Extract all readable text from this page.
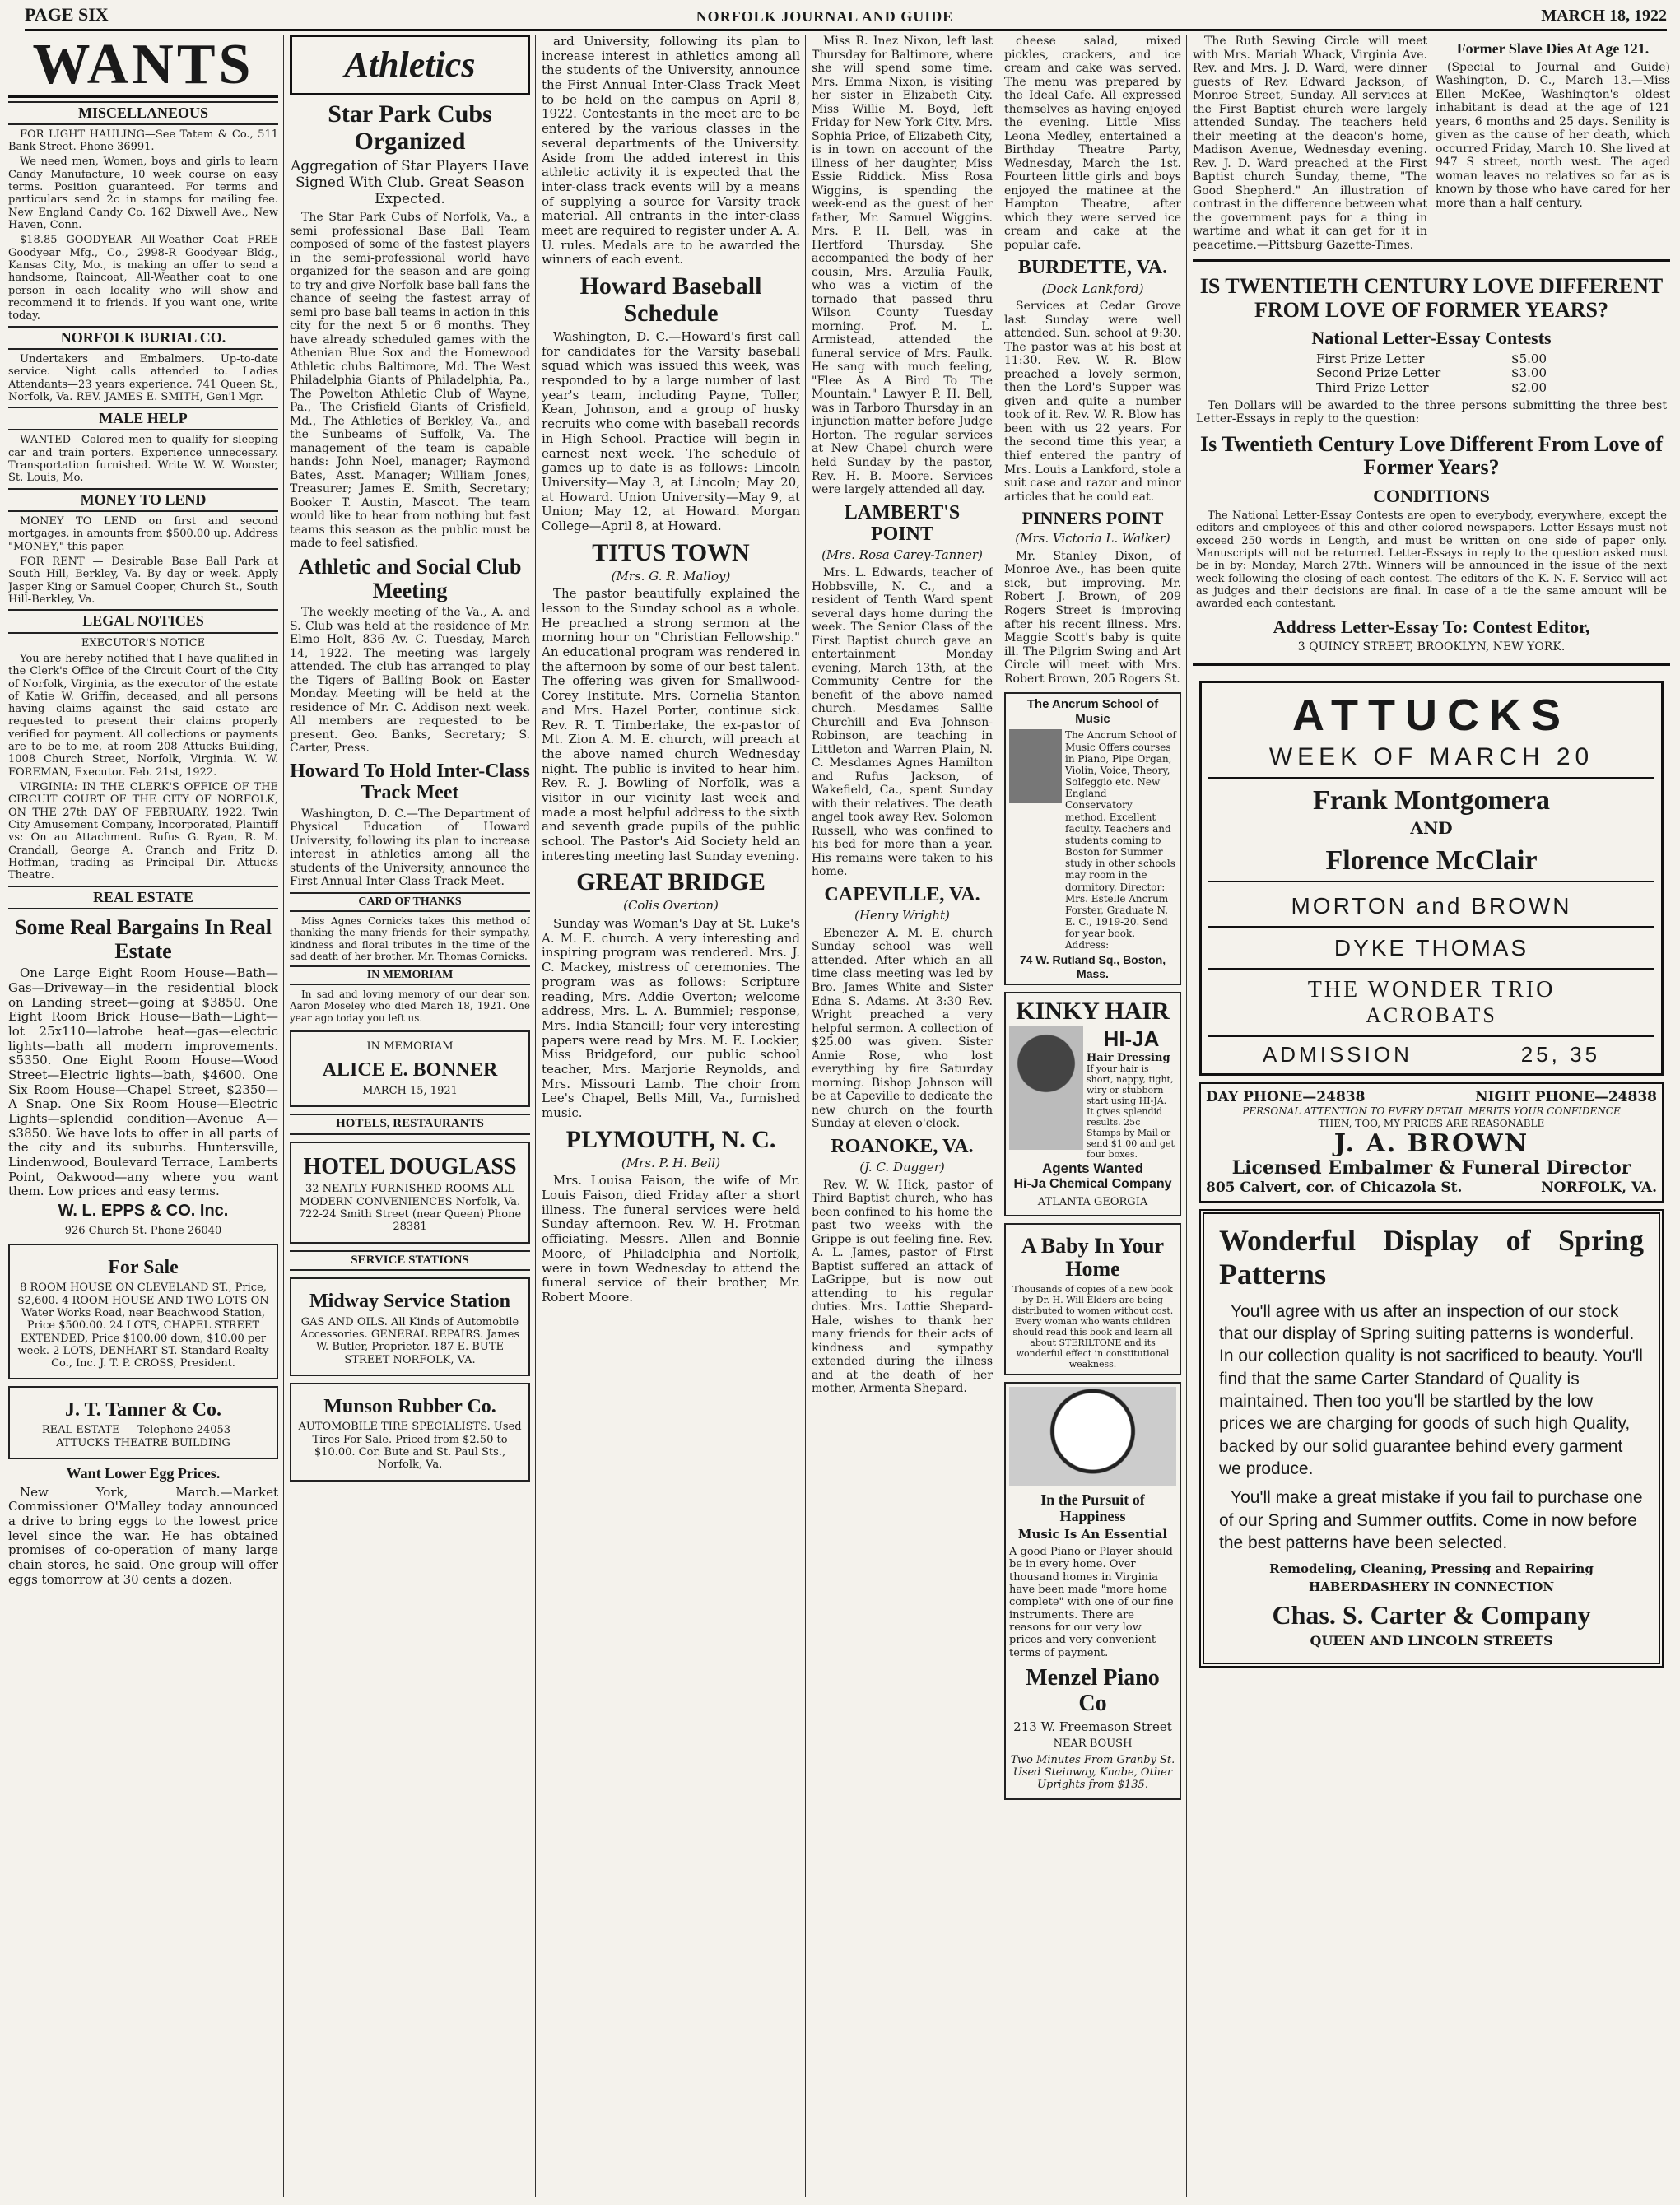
PAGE SIX	NORFOLK JOURNAL AND GUIDE	MARCH 18, 1922
WANTS
MISCELLANEOUS

FOR LIGHT HAULING—See Tatem & Co., 511 Bank Street. Phone 36991.

We need men, Women, boys and girls to learn Candy Manufacture, 10 week course on easy terms. Position guaranteed. For terms and particulars send 2c in stamps for mailing fee. New England Candy Co. 162 Dixwell Ave., New Haven, Conn.

$18.85 GOODYEAR All-Weather Coat FREE Goodyear Mfg., Co., 2998-R Goodyear Bldg., Kansas City, Mo., is making an offer to send a handsome, Raincoat, All-Weather coat to one person in each locality who will show and recommend it to friends. If you want one, write today.

NORFOLK BURIAL CO.

Undertakers and Embalmers. Up-to-date service. Night calls attended to. Ladies Attendants—23 years experience. 741 Queen St., Norfolk, Va. REV. JAMES E. SMITH, Gen'l Mgr.

MALE HELP

WANTED—Colored men to qualify for sleeping car and train porters. Experience unnecessary. Transportation furnished. Write W. W. Wooster, St. Louis, Mo.

MONEY TO LEND

MONEY TO LEND on first and second mortgages, in amounts from $500.00 up. Address "MONEY," this paper.

FOR RENT — Desirable Base Ball Park at South Hill, Berkley, Va. By day or week. Apply Jasper King or Samuel Cooper, Church St., South Hill-Berkley, Va.

LEGAL NOTICES
EXECUTOR'S NOTICE

You are hereby notified that I have qualified in the Clerk's Office of the Circuit Court of the City of Norfolk, Virginia, as the executor of the estate of Katie W. Griffin, deceased, and all persons having claims against the said estate are requested to present their claims properly verified for payment. All collections or payments are to be to me, at room 208 Attucks Building, 1008 Church Street, Norfolk, Virginia. W. W. FOREMAN, Executor. Feb. 21st, 1922.

VIRGINIA: IN THE CLERK'S OFFICE OF THE CIRCUIT COURT OF THE CITY OF NORFOLK, ON THE 27th DAY OF FEBRUARY, 1922. Twin City Amusement Company, Incorporated, Plaintiff vs: On an Attachment. Rufus G. Ryan, R. M. Crandall, George A. Cranch and Fritz D. Hoffman, trading as Principal Dir. Attucks Theatre.

REAL ESTATE
Some Real Bargains In Real Estate

One Large Eight Room House—Bath—Gas—Driveway—in the residential block on Landing street—going at $3850. One Eight Room Brick House—Bath—Light—lot 25x110—latrobe heat—gas—electric lights—bath all modern improvements. $5350. One Eight Room House—Wood Street—Electric lights—bath, $4600. One Six Room House—Chapel Street, $2350—A Snap. One Six Room House—Electric Lights—splendid condition—Avenue A—$3850. We have lots to offer in all parts of the city and its suburbs. Huntersville, Lindenwood, Boulevard Terrace, Lamberts Point, Oakwood—any where you want them. Low prices and easy terms.

W. L. EPPS & CO. Inc.
926 Church St. Phone 26040
For Sale

8 ROOM HOUSE ON CLEVELAND ST., Price, $2,600. 4 ROOM HOUSE AND TWO LOTS ON Water Works Road, near Beachwood Station, Price $500.00. 24 LOTS, CHAPEL STREET EXTENDED, Price $100.00 down, $10.00 per week. 2 LOTS, DENHART ST. Standard Realty Co., Inc. J. T. P. CROSS, President.

J. T. Tanner & Co.
REAL ESTATE — Telephone 24053 — ATTUCKS THEATRE BUILDING
Want Lower Egg Prices.

New York, March.—Market Commissioner O'Malley today announced a drive to bring eggs to the lowest price level since the war. He has obtained promises of co-operation of many large chain stores, he said. One group will offer eggs tomorrow at 30 cents a dozen.

Athletics
Star Park Cubs Organized
Aggregation of Star Players Have Signed With Club. Great Season Expected.

The Star Park Cubs of Norfolk, Va., a semi professional Base Ball Team composed of some of the fastest players in the semi-professional world have organized for the season and are going to try and give Norfolk base ball fans the chance of seeing the fastest array of semi pro base ball teams in action in this city for the next 5 or 6 months. They have already scheduled games with the Athenian Blue Sox and the Homewood Athletic clubs Baltimore, Md. The West Philadelphia Giants of Philadelphia, Pa., The Powelton Athletic Club of Wayne, Pa., The Crisfield Giants of Crisfield, Md., The Athletics of Berkley, Va., and the Sunbeams of Suffolk, Va. The management of the team is capable hands: John Noel, manager; Raymond Bates, Asst. Manager; William Jones, Treasurer; James E. Smith, Secretary; Booker T. Austin, Mascot. The team would like to hear from nothing but fast teams this season as the public must be made to feel satisfied.

Athletic and Social Club Meeting

The weekly meeting of the Va., A. and S. Club was held at the residence of Mr. Elmo Holt, 836 Av. C. Tuesday, March 14, 1922. The meeting was largely attended. The club has arranged to play the Tigers of Balling Book on Easter Monday. Meeting will be held at the residence of Mr. C. Addison next week. All members are requested to be present. Geo. Banks, Secretary; S. Carter, Press.

Howard To Hold Inter-Class Track Meet

Washington, D. C.—The Department of Physical Education of Howard University, following its plan to increase interest in athletics among all the students of the University, announce the First Annual Inter-Class Track Meet.

CARD OF THANKS

Miss Agnes Cornicks takes this method of thanking the many friends for their sympathy, kindness and floral tributes in the time of the sad death of her brother. Mr. Thomas Cornicks.

IN MEMORIAM

In sad and loving memory of our dear son, Aaron Moseley who died March 18, 1921. One year ago today you left us.

IN MEMORIAM
ALICE E. BONNER
MARCH 15, 1921
HOTELS, RESTAURANTS
HOTEL DOUGLASS
32 NEATLY FURNISHED ROOMS ALL MODERN CONVENIENCES Norfolk, Va. 722-24 Smith Street (near Queen) Phone 28381
SERVICE STATIONS
Midway Service Station
GAS AND OILS. All Kinds of Automobile Accessories. GENERAL REPAIRS. James W. Butler, Proprietor. 187 E. BUTE STREET NORFOLK, VA.
Munson Rubber Co.
AUTOMOBILE TIRE SPECIALISTS. Used Tires For Sale. Priced from $2.50 to $10.00. Cor. Bute and St. Paul Sts., Norfolk, Va.

ard University, following its plan to increase interest in athletics among all the students of the University, announce the First Annual Inter-Class Track Meet to be held on the campus on April 8, 1922. Contestants in the meet are to be entered by the various classes in the several departments of the University. Aside from the added interest in this athletic activity it is expected that the inter-class track events will by a means of supplying a source for Varsity track material. All entrants in the inter-class meet are required to register under A. A. U. rules. Medals are to be awarded the winners of each event.

Howard Baseball Schedule

Washington, D. C.—Howard's first call for candidates for the Varsity baseball squad which was issued this week, was responded to by a large number of last year's team, including Payne, Toller, Kean, Johnson, and a group of husky recruits who come with baseball records in High School. Practice will begin in earnest next week. The schedule of games up to date is as follows: Lincoln University—May 3, at Lincoln; May 20, at Howard. Union University—May 9, at Union; May 12, at Howard. Morgan College—April 8, at Howard.

TITUS TOWN
(Mrs. G. R. Malloy)

The pastor beautifully explained the lesson to the Sunday school as a whole. He preached a strong sermon at the morning hour on "Christian Fellowship." An educational program was rendered in the afternoon by some of our best talent. The offering was given for Smallwood-Corey Institute. Mrs. Cornelia Stanton and Mrs. Hazel Porter, continue sick. Rev. R. T. Timberlake, the ex-pastor of Mt. Zion A. M. E. church, will preach at the above named church Wednesday night. The public is invited to hear him. Rev. R. J. Bowling of Norfolk, was a visitor in our vicinity last week and made a most helpful address to the sixth and seventh grade pupils of the public school. The Pastor's Aid Society held an interesting meeting last Sunday evening.

GREAT BRIDGE
(Colis Overton)

Sunday was Woman's Day at St. Luke's A. M. E. church. A very interesting and inspiring program was rendered. Mrs. J. C. Mackey, mistress of ceremonies. The program was as follows: Scripture reading, Mrs. Addie Overton; welcome address, Mrs. L. A. Bummiel; response, Mrs. India Stancill; four very interesting papers were read by Mrs. M. E. Lockier, Miss Bridgeford, our public school teacher, Mrs. Marjorie Reynolds, and Mrs. Missouri Lamb. The choir from Lee's Chapel, Bells Mill, Va., furnished music.

PLYMOUTH, N. C.
(Mrs. P. H. Bell)

Mrs. Louisa Faison, the wife of Mr. Louis Faison, died Friday after a short illness. The funeral services were held Sunday afternoon. Rev. W. H. Frotman officiating. Messrs. Allen and Bonnie Moore, of Philadelphia and Norfolk, were in town Wednesday to attend the funeral service of their brother, Mr. Robert Moore.

Miss R. Inez Nixon, left last Thursday for Baltimore, where she will spend some time. Mrs. Emma Nixon, is visiting her sister in Elizabeth City. Miss Willie M. Boyd, left Friday for New York City. Mrs. Sophia Price, of Elizabeth City, is in town on account of the illness of her daughter, Miss Essie Riddick. Miss Rosa Wiggins, is spending the week-end as the guest of her father, Mr. Samuel Wiggins. Mrs. P. H. Bell, was in Hertford Thursday. She accompanied the body of her cousin, Mrs. Arzulia Faulk, who was a victim of the tornado that passed thru Wilson County Tuesday morning. Prof. M. L. Armistead, attended the funeral service of Mrs. Faulk. He sang with much feeling, "Flee As A Bird To The Mountain." Lawyer P. H. Bell, was in Tarboro Thursday in an injunction matter before Judge Horton. The regular services at New Chapel church were held Sunday by the pastor, Rev. H. B. Moore. Services were largely attended all day.

LAMBERT'S POINT
(Mrs. Rosa Carey-Tanner)

Mrs. L. Edwards, teacher of Hobbsville, N. C., and a resident of Tenth Ward spent several days home during the week. The Senior Class of the First Baptist church gave an entertainment Monday evening, March 13th, at the Community Centre for the benefit of the above named church. Mesdames Sallie Churchill and Eva Johnson-Robinson, are teaching in Littleton and Warren Plain, N. C. Mesdames Agnes Hamilton and Rufus Jackson, of Wakefield, Ca., spent Sunday with their relatives. The death angel took away Rev. Solomon Russell, who was confined to his bed for more than a year. His remains were taken to his home.

CAPEVILLE, VA.
(Henry Wright)

Ebenezer A. M. E. church Sunday school was well attended. After which an all time class meeting was led by Bro. James White and Sister Edna S. Adams. At 3:30 Rev. Wright preached a very helpful sermon. A collection of $25.00 was given. Sister Annie Rose, who lost everything by fire Saturday morning. Bishop Johnson will be at Capeville to dedicate the new church on the fourth Sunday at eleven o'clock.

ROANOKE, VA.
(J. C. Dugger)

Rev. W. W. Hick, pastor of Third Baptist church, who has been confined to his home the past two weeks with the Grippe is out feeling fine. Rev. A. L. James, pastor of First Baptist suffered an attack of LaGrippe, but is now out attending to his regular duties. Mrs. Lottie Shepard-Hale, wishes to thank her many friends for their acts of kindness and sympathy extended during the illness and at the death of her mother, Armenta Shepard.

cheese salad, mixed pickles, crackers, and ice cream and cake was served. The menu was prepared by the Ideal Cafe. All expressed themselves as having enjoyed the evening. Little Miss Leona Medley, entertained a Birthday Theatre Party, Wednesday, March the 1st. Fourteen little girls and boys enjoyed the matinee at the Hampton Theatre, after which they were served ice cream and cake at the popular cafe.

BURDETTE, VA.
(Dock Lankford)

Services at Cedar Grove last Sunday were well attended. Sun. school at 9:30. The pastor was at his best at 11:30. Rev. W. R. Blow preached a lovely sermon, then the Lord's Supper was given and quite a number took of it. Rev. W. R. Blow has been with us 22 years. For the second time this year, a thief entered the pantry of Mrs. Louis a Lankford, stole a suit case and razor and minor articles that he could eat.

PINNERS POINT
(Mrs. Victoria L. Walker)

Mr. Stanley Dixon, of Monroe Ave., has been quite sick, but improving. Mr. Robert J. Brown, of 209 Rogers Street is improving after his recent illness. Mrs. Maggie Scott's baby is quite ill. The Pilgrim Swing and Art Circle will meet with Mrs. Robert Brown, 205 Rogers St.

The Ancrum School of Music
The Ancrum School of Music Offers courses in Piano, Pipe Organ, Violin, Voice, Theory, Solfeggio etc. New England Conservatory method. Excellent faculty. Teachers and students coming to Boston for Summer study in other schools may room in the dormitory. Director: Mrs. Estelle Ancrum Forster, Graduate N. E. C., 1919-20. Send for year book. Address:
74 W. Rutland Sq., Boston, Mass.
KINKY HAIR
HI-JA
Hair Dressing
If your hair is short, nappy, tight, wiry or stubborn start using HI-JA. It gives splendid results. 25c Stamps by Mail or send $1.00 and get four boxes.
Agents Wanted
Hi-Ja Chemical Company
ATLANTA GEORGIA
A Baby In Your Home
Thousands of copies of a new book by Dr. H. Will Elders are being distributed to women without cost. Every woman who wants children should read this book and learn all about STERILTONE and its wonderful effect in constitutional weakness.
In the Pursuit of Happiness
Music Is An Essential
A good Piano or Player should be in every home. Over thousand homes in Virginia have been made "more home complete" with one of our fine instruments. There are reasons for our very low prices and very convenient terms of payment.
Menzel Piano Co
213 W. Freemason Street
NEAR BOUSH
Two Minutes From Granby St. Used Steinway, Knabe, Other Uprights from $135.

The Ruth Sewing Circle will meet with Mrs. Mariah Whack, Virginia Ave. Rev. and Mrs. J. D. Ward, were dinner guests of Rev. Edward Jackson, of Monroe Street, Sunday. All services at the First Baptist church were largely attended Sunday. The teachers held their meeting at the deacon's home, Madison Avenue, Wednesday evening. Rev. J. D. Ward preached at the First Baptist church Sunday, theme, "The Good Shepherd." An illustration of contrast in the difference between what the government pays for a thing in wartime and what it can get for it in peacetime.—Pittsburg Gazette-Times.

Former Slave Dies At Age 121.

(Special to Journal and Guide) Washington, D. C., March 13.—Miss Ellen McKee, Washington's oldest inhabitant is dead at the age of 121 years, 6 months and 25 days. Senility is given as the cause of her death, which occurred Friday, March 10. She lived at 947 S street, north west. The aged woman leaves no relatives so far as is known by those who have cared for her more than a half century.

IS TWENTIETH CENTURY LOVE DIFFERENT FROM LOVE OF FORMER YEARS?
National Letter-Essay Contests
First Prize Letter	$5.00
Second Prize Letter	$3.00
Third Prize Letter	$2.00

Ten Dollars will be awarded to the three persons submitting the three best Letter-Essays in reply to the question:

Is Twentieth Century Love Different From Love of Former Years?
CONDITIONS

The National Letter-Essay Contests are open to everybody, everywhere, except the editors and employees of this and other colored newspapers. Letter-Essays must not exceed 250 words in Length, and must be written on one side of paper only. Manuscripts will not be returned. Letter-Essays in reply to the question asked must be in by: Monday, March 27th. Winners will be announced in the issue of the next week following the closing of each contest. The editors of the K. N. F. Service will act as judges and their decisions are final. In case of a tie the same amount will be awarded each contestant.

Address Letter-Essay To: Contest Editor,
3 QUINCY STREET, BROOKLYN, NEW YORK.
ATTUCKS
WEEK OF MARCH 20
Frank Montgomera
AND
Florence McClair
MORTON and BROWN
DYKE THOMAS
THE WONDER TRIO
ACROBATS
ADMISSION	25, 35
DAY PHONE—24838	NIGHT PHONE—24838
PERSONAL ATTENTION TO EVERY DETAIL MERITS YOUR CONFIDENCE
THEN, TOO, MY PRICES ARE REASONABLE
J. A. BROWN
Licensed Embalmer & Funeral Director
805 Calvert, cor. of Chicazola St.	NORFOLK, VA.
Wonderful Display of Spring Patterns

You'll agree with us after an inspection of our stock that our display of Spring suiting patterns is wonderful. In our collection quality is not sacrificed to beauty. You'll find that the same Carter Standard of Quality is maintained. Then too you'll be startled by the low prices we are charging for goods of such high Quality, backed by our solid guarantee behind every garment we produce.

You'll make a great mistake if you fail to purchase one of our Spring and Summer outfits. Come in now before the best patterns have been selected.

Remodeling, Cleaning, Pressing and Repairing
HABERDASHERY IN CONNECTION
Chas. S. Carter & Company
QUEEN AND LINCOLN STREETS
